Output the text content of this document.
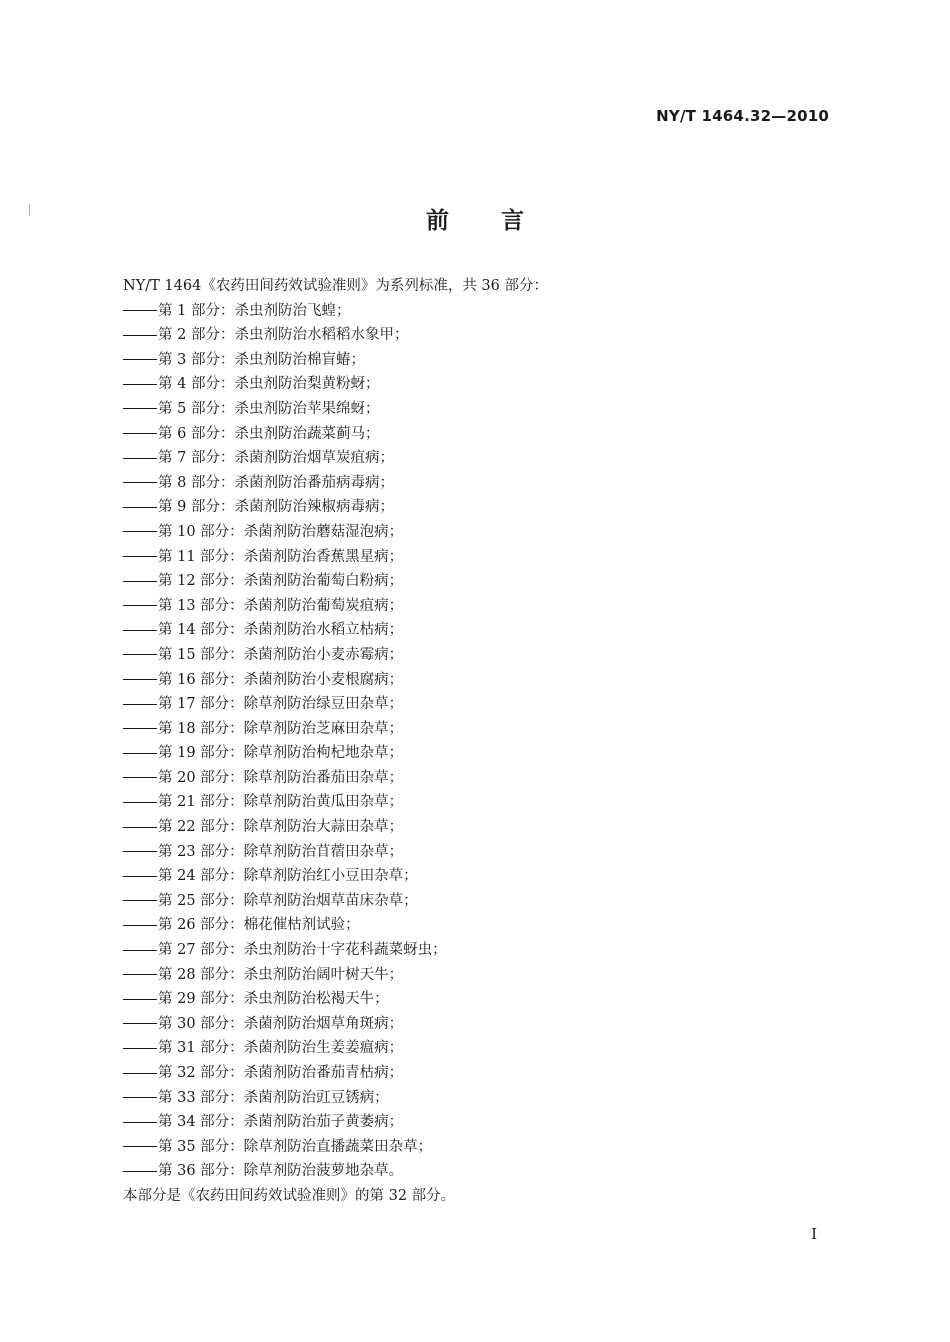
NY/T 1464.32—2010
前言
NY/T 1464《农药田间药效试验准则》为系列标准，共 36 部分：
第 1 部分：杀虫剂防治飞蝗；
第 2 部分：杀虫剂防治水稻稻水象甲；
第 3 部分：杀虫剂防治棉盲蝽；
第 4 部分：杀虫剂防治梨黄粉蚜；
第 5 部分：杀虫剂防治苹果绵蚜；
第 6 部分：杀虫剂防治蔬菜蓟马；
第 7 部分：杀菌剂防治烟草炭疽病；
第 8 部分：杀菌剂防治番茄病毒病；
第 9 部分：杀菌剂防治辣椒病毒病；
第 10 部分：杀菌剂防治蘑菇湿泡病；
第 11 部分：杀菌剂防治香蕉黑星病；
第 12 部分：杀菌剂防治葡萄白粉病；
第 13 部分：杀菌剂防治葡萄炭疽病；
第 14 部分：杀菌剂防治水稻立枯病；
第 15 部分：杀菌剂防治小麦赤霉病；
第 16 部分：杀菌剂防治小麦根腐病；
第 17 部分：除草剂防治绿豆田杂草；
第 18 部分：除草剂防治芝麻田杂草；
第 19 部分：除草剂防治枸杞地杂草；
第 20 部分：除草剂防治番茄田杂草；
第 21 部分：除草剂防治黄瓜田杂草；
第 22 部分：除草剂防治大蒜田杂草；
第 23 部分：除草剂防治苜蓿田杂草；
第 24 部分：除草剂防治红小豆田杂草；
第 25 部分：除草剂防治烟草苗床杂草；
第 26 部分：棉花催枯剂试验；
第 27 部分：杀虫剂防治十字花科蔬菜蚜虫；
第 28 部分：杀虫剂防治阔叶树天牛；
第 29 部分：杀虫剂防治松褐天牛；
第 30 部分：杀菌剂防治烟草角斑病；
第 31 部分：杀菌剂防治生姜姜瘟病；
第 32 部分：杀菌剂防治番茄青枯病；
第 33 部分：杀菌剂防治豇豆锈病；
第 34 部分：杀菌剂防治茄子黄萎病；
第 35 部分：除草剂防治直播蔬菜田杂草；
第 36 部分：除草剂防治菠萝地杂草。
本部分是《农药田间药效试验准则》的第 32 部分。
I
